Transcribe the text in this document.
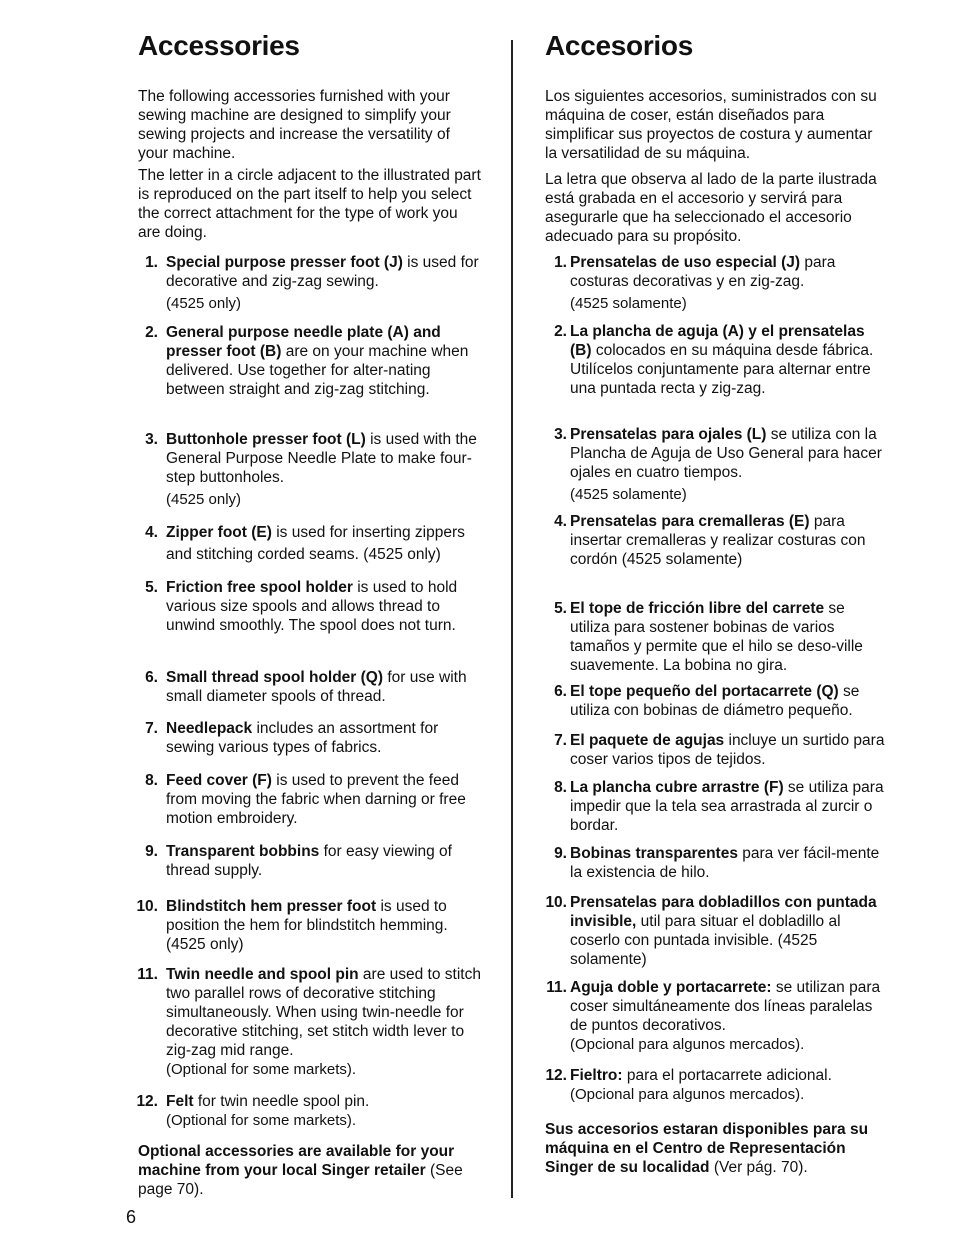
Accessories

The following accessories furnished with your sewing machine are designed to simplify your sewing projects and increase the versatility of your machine.

The letter in a circle adjacent to the illustrated part is reproduced on the part itself to help you select the correct attachment for the type of work you are doing.

1. Special purpose presser foot (J) is used for decorative and zig-zag sewing.
(4525 only)
2. General purpose needle plate (A) and presser foot (B) are on your machine when delivered. Use together for alter-nating between straight and zig-zag stitching.
3. Buttonhole presser foot (L) is used with the General Purpose Needle Plate to make four-step buttonholes.
(4525 only)
4. Zipper foot (E) is used for inserting zippers and stitching corded seams. (4525 only)
5. Friction free spool holder is used to hold various size spools and allows thread to unwind smoothly. The spool does not turn.
6. Small thread spool holder (Q) for use with small diameter spools of thread.
7. Needlepack includes an assortment for sewing various types of fabrics.
8. Feed cover (F) is used to prevent the feed from moving the fabric when darning or free motion embroidery.
9. Transparent bobbins for easy viewing of thread supply.
10. Blindstitch hem presser foot is used to position the hem for blindstitch hemming. (4525 only)
11. Twin needle and spool pin are used to stitch two parallel rows of decorative stitching simultaneously. When using twin-needle for decorative stitching, set stitch width lever to zig-zag mid range.
(Optional for some markets).
12. Felt for twin needle spool pin.
(Optional for some markets).
Optional accessories are available for your machine from your local Singer retailer (See page 70).
Accesorios

Los siguientes accesorios, suministrados con su máquina de coser, están diseñados para simplificar sus proyectos de costura y aumentar la versatilidad de su máquina.

La letra que observa al lado de la parte ilustrada está grabada en el accesorio y servirá para asegurarle que ha seleccionado el accesorio adecuado para su propósito.

1. Prensatelas de uso especial (J) para costuras decorativas y en zig-zag.
(4525 solamente)
2. La plancha de aguja (A) y el prensatelas (B) colocados en su máquina desde fábrica. Utilícelos conjuntamente para alternar entre una puntada recta y zig-zag.
3. Prensatelas para ojales (L) se utiliza con la Plancha de Aguja de Uso General para hacer ojales en cuatro tiempos.
(4525 solamente)
4. Prensatelas para cremalleras (E) para insertar cremalleras y realizar costuras con cordón (4525 solamente)
5. El tope de fricción libre del carrete se utiliza para sostener bobinas de varios tamaños y permite que el hilo se deso-ville suavemente. La bobina no gira.
6. El tope pequeño del portacarrete (Q) se utiliza con bobinas de diámetro pequeño.
7. El paquete de agujas incluye un surtido para coser varios tipos de tejidos.
8. La plancha cubre arrastre (F) se utiliza para impedir que la tela sea arrastrada al zurcir o bordar.
9. Bobinas transparentes para ver fácil-mente la existencia de hilo.
10. Prensatelas para dobladillos con puntada invisible, util para situar el dobladillo al coserlo con puntada invisible. (4525 solamente)
11. Aguja doble y portacarrete: se utilizan para coser simultáneamente dos líneas paralelas de puntos decorativos.
(Opcional para algunos mercados).
12. Fieltro: para el portacarrete adicional.
(Opcional para algunos mercados).
Sus accesorios estaran disponibles para su máquina en el Centro de Representación Singer de su localidad (Ver pág. 70).
6
